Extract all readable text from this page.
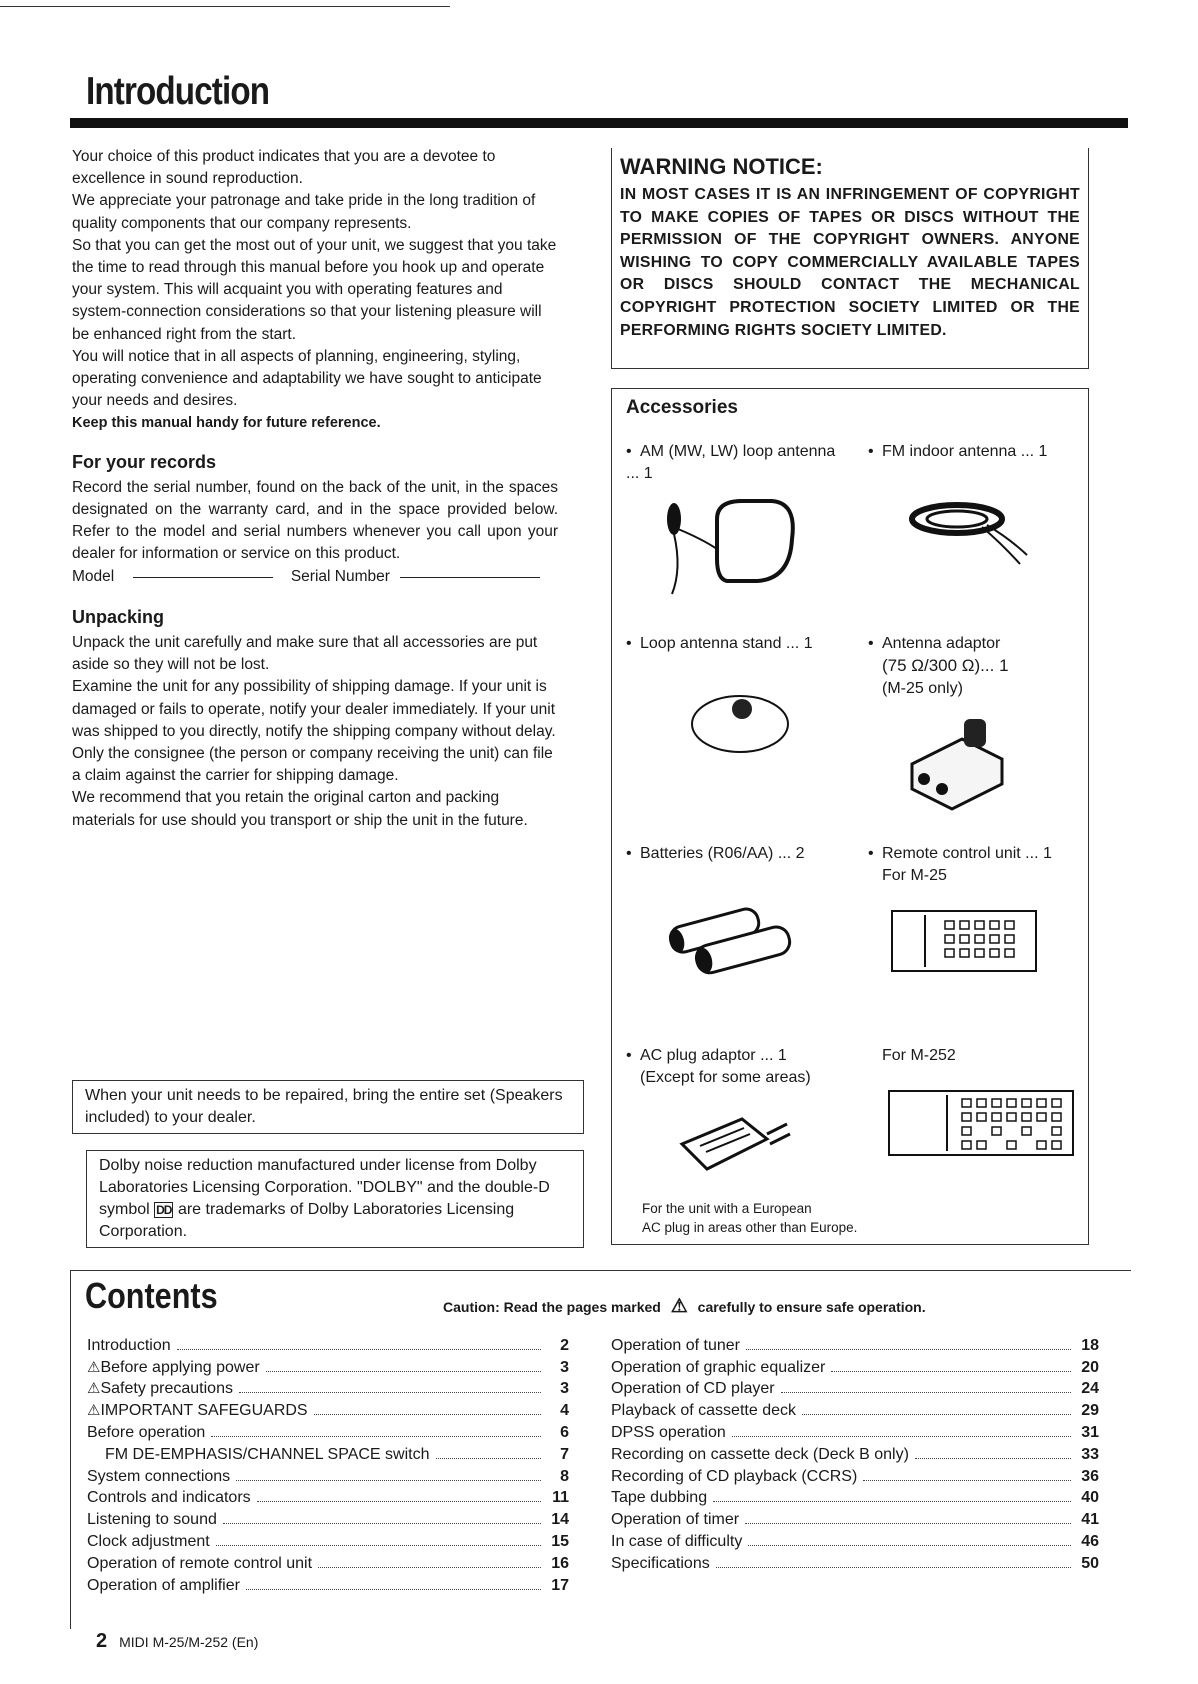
Introduction

Your choice of this product indicates that you are a devotee to excellence in sound reproduction.

We appreciate your patronage and take pride in the long tradition of quality components that our company represents.

So that you can get the most out of your unit, we suggest that you take the time to read through this manual before you hook up and operate your system. This will acquaint you with operating features and system-connection considerations so that your listening pleasure will be enhanced right from the start.

You will notice that in all aspects of planning, engineering, styling, operating convenience and adaptability we have sought to anticipate your needs and desires.

Keep this manual handy for future reference.

For your records

Record the serial number, found on the back of the unit, in the spaces designated on the warranty card, and in the space provided below. Refer to the model and serial numbers whenever you call upon your dealer for information or service on this product.

Model	Serial Number

Unpacking

Unpack the unit carefully and make sure that all accessories are put aside so they will not be lost.

Examine the unit for any possibility of shipping damage. If your unit is damaged or fails to operate, notify your dealer immediately. If your unit was shipped to you directly, notify the shipping company without delay. Only the consignee (the person or company receiving the unit) can file a claim against the carrier for shipping damage.

We recommend that you retain the original carton and packing materials for use should you transport or ship the unit in the future.

When your unit needs to be repaired, bring the entire set (Speakers included) to your dealer.
Dolby noise reduction manufactured under license from Dolby Laboratories Licensing Corporation. "DOLBY" and the double-D symbol DD are trademarks of Dolby Laboratories Licensing Corporation.
WARNING NOTICE:
IN MOST CASES IT IS AN INFRINGEMENT OF COPYRIGHT TO MAKE COPIES OF TAPES OR DISCS WITHOUT THE PERMISSION OF THE COPYRIGHT OWNERS. ANYONE WISHING TO COPY COMMERCIALLY AVAILABLE TAPES OR DISCS SHOULD CONTACT THE MECHANICAL COPYRIGHT PROTECTION SOCIETY LIMITED OR THE PERFORMING RIGHTS SOCIETY LIMITED.
Accessories
• AM (MW, LW) loop antenna ... 1
• FM indoor antenna ... 1
• Loop antenna stand ... 1	• Antenna adaptor
(75 Ω/300 Ω)... 1
(M-25 only)
• Batteries (R06/AA) ... 2	• Remote control unit ... 1
For M-25
• AC plug adaptor ... 1
(Except for some areas)
For M-252
For the unit with a European
AC plug in areas other than Europe.
Contents	Caution: Read the pages marked ⚠ carefully to ensure safe operation.
Introduction	2
⚠Before applying power	3
⚠Safety precautions	3
⚠IMPORTANT SAFEGUARDS	4
Before operation	6
FM DE-EMPHASIS/CHANNEL SPACE switch	7
System connections	8
Controls and indicators	11
Listening to sound	14
Clock adjustment	15
Operation of remote control unit	16
Operation of amplifier	17
Operation of tuner	18
Operation of graphic equalizer	20
Operation of CD player	24
Playback of cassette deck	29
DPSS operation	31
Recording on cassette deck (Deck B only)	33
Recording of CD playback (CCRS)	36
Tape dubbing	40
Operation of timer	41
In case of difficulty	46
Specifications	50
2 MIDI M-25/M-252 (En)
